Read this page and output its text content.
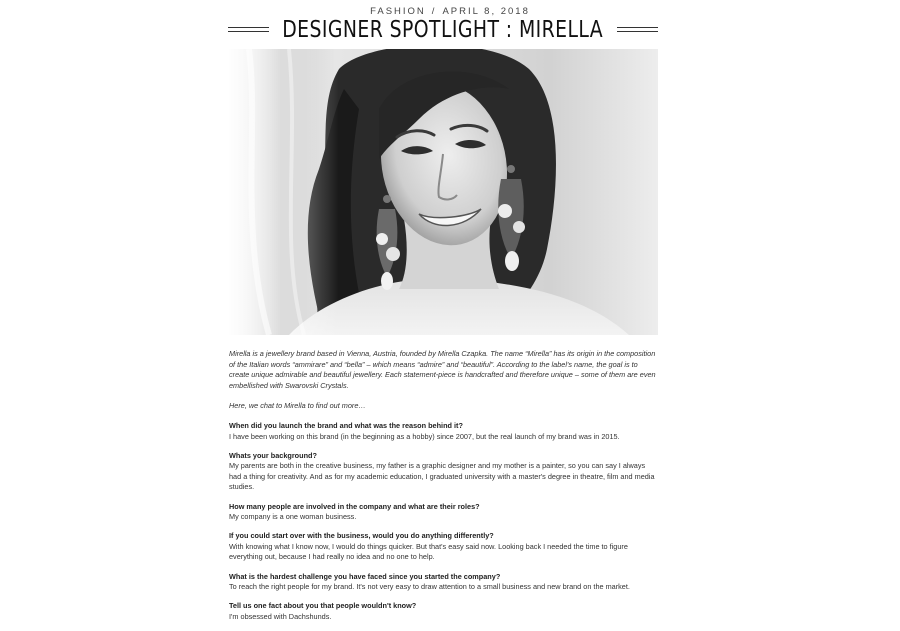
FASHION / APRIL 8, 2018
DESIGNER SPOTLIGHT : MIRELLA

Mirella is a jewellery brand based in Vienna, Austria, founded by Mirella Czapka. The name “Mirella” has its origin in the composition of the Italian words “ammirare” and “bella” – which means “admire” and “beautiful”. According to the label's name, the goal is to create unique admirable and beautiful jewellery. Each statement-piece is handcrafted and therefore unique – some of them are even embellished with Swarovski Crystals.

Here, we chat to Mirella to find out more…

When did you launch the brand and what was the reason behind it?
I have been working on this brand (in the beginning as a hobby) since 2007, but the real launch of my brand was in 2015.
Whats your background?
My parents are both in the creative business, my father is a graphic designer and my mother is a painter, so you can say I always had a thing for creativity. And as for my academic education, I graduated university with a master's degree in theatre, film and media studies.
How many people are involved in the company and what are their roles?
My company is a one woman business.
If you could start over with the business, would you do anything differently?
With knowing what I know now, I would do things quicker. But that's easy said now. Looking back I needed the time to figure everything out, because I had really no idea and no one to help.
What is the hardest challenge you have faced since you started the company?
To reach the right people for my brand. It's not very easy to draw attention to a small business and new brand on the market.
Tell us one fact about you that people wouldn't know?
I'm obsessed with Dachshunds.
